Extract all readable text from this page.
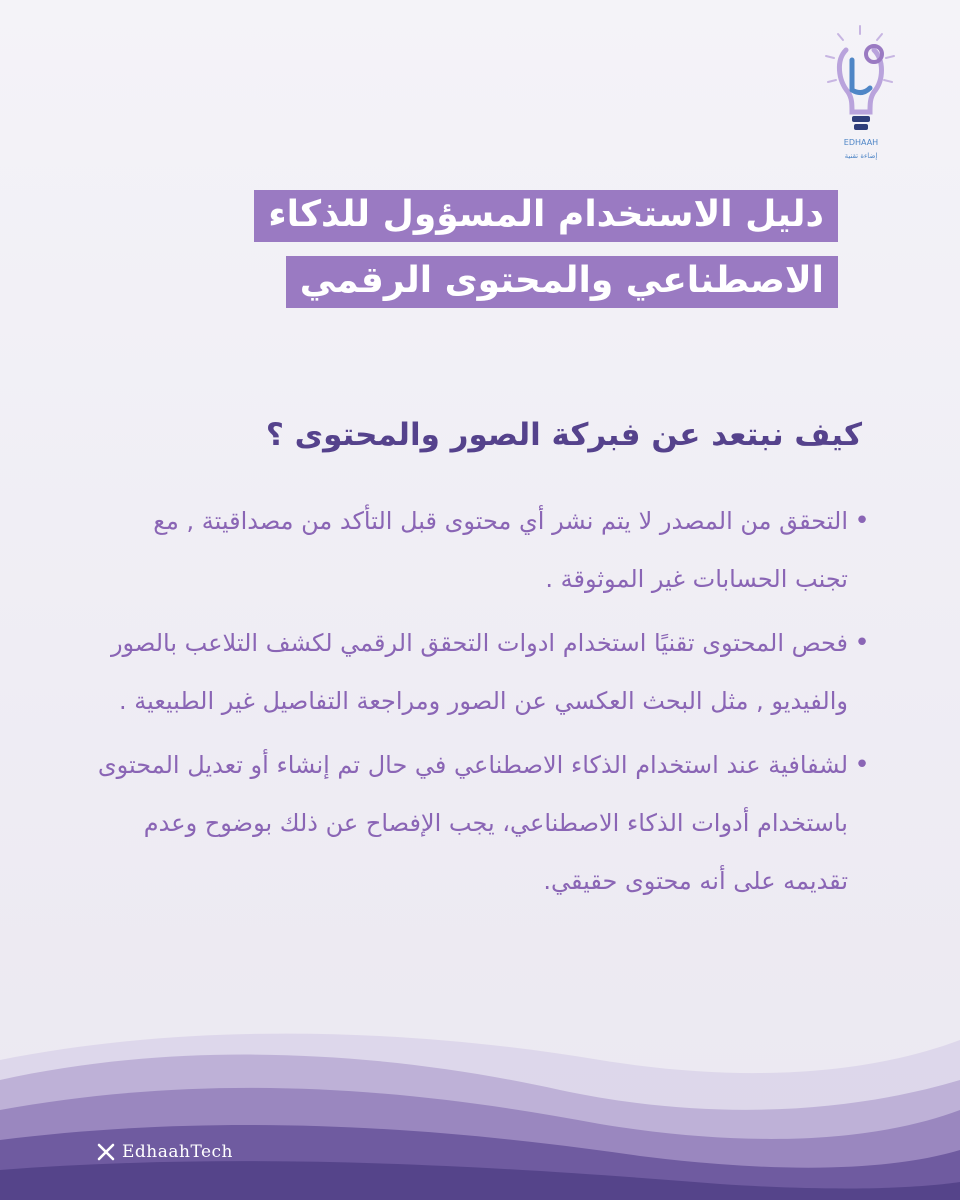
EDHAAH
إضاءة تقنية
دليل الاستخدام المسؤول للذكاء
الاصطناعي والمحتوى الرقمي
كيف نبتعد عن فبركة الصور والمحتوى ؟
•
التحقق من المصدر لا يتم نشر أي محتوى قبل التأكد من مصداقيتة , مع تجنب الحسابات غير الموثوقة .
•
فحص المحتوى تقنيًا استخدام ادوات التحقق الرقمي لكشف التلاعب بالصور والفيديو , مثل البحث العكسي عن الصور ومراجعة التفاصيل غير الطبيعية .
•
لشفافية عند استخدام الذكاء الاصطناعي في حال تم إنشاء أو تعديل المحتوى باستخدام أدوات الذكاء الاصطناعي، يجب الإفصاح عن ذلك بوضوح وعدم تقديمه على أنه محتوى حقيقي.
EdhaahTech
